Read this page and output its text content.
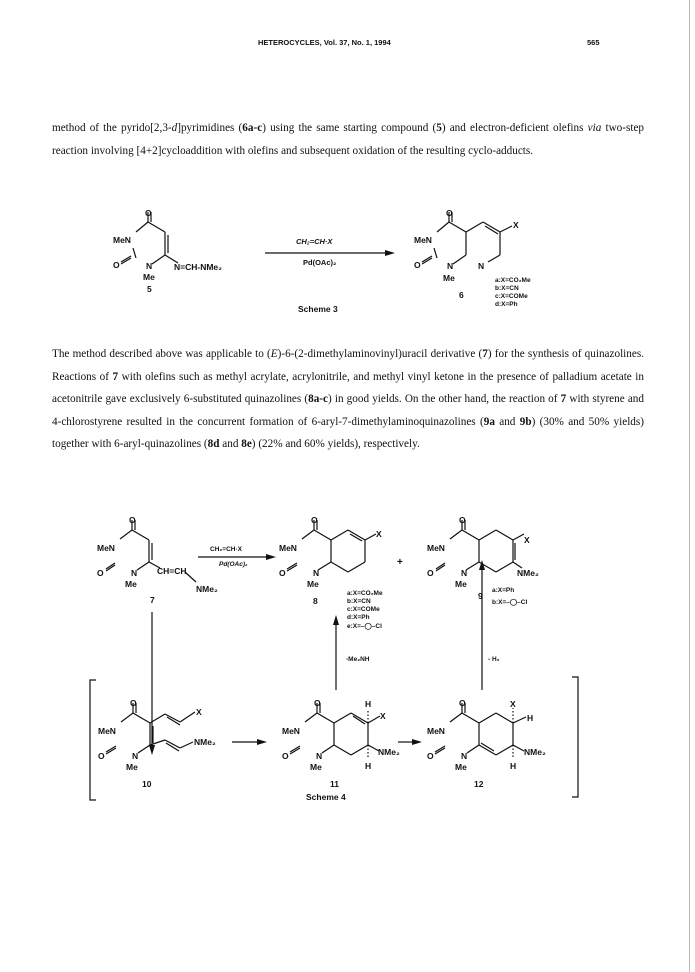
HETEROCYCLES, Vol. 37, No. 1, 1994	565
method of the pyrido[2,3-d]pyrimidines (6a-c) using the same starting compound (5) and electron-deficient olefins via two-step reaction involving [4+2]cycloaddition with olefins and subsequent oxidation of the resulting cyclo-adducts.
The method described above was applicable to (E)-6-(2-dimethylaminovinyl)uracil derivative (7) for the synthesis of quinazolines. Reactions of 7 with olefins such as methyl acrylate, acrylonitrile, and methyl vinyl ketone in the presence of palladium acetate in acetonitrile gave exclusively 6-substituted quinazolines (8a-c) in good yields. On the other hand, the reaction of 7 with styrene and 4-chlorostyrene resulted in the concurrent formation of 6-aryl-7-dimethylaminoquinazolines (9a and 9b) (30% and 50% yields) together with 6-aryl-quinazolines (8d and 8e) (22% and 60% yields), respectively.
O
MeN
O	N
Me
N=CH-NMe₂
5
CH₂=CH·X
Pd(OAc)₂
Scheme 3
O
MeN
O	N	N
Me
X
6
a:X=CO₂Me
b:X=CN
c:X=COMe
d:X=Ph
O
MeN
O	N
Me
CH=CH
NMe₂
7
CH₂=CH·X
Pd(OAc)₂
O
MeN
O	N
Me
X
8
+
a:X=CO₂Me
b:X=CN
c:X=COMe
d:X=Ph
e:X=–◯–Cl
-Me₂NH	- H₂
O
MeN
O	N
Me
X
NMe₂
9
a:X=Ph
b:X=–◯–Cl
O
MeN
O	N
Me
X
NMe₂
10
O
MeN
O	N
Me
H
X
NMe₂
H
11
Scheme 4
O
MeN
O	N
Me
X
H
NMe₂
H
12
